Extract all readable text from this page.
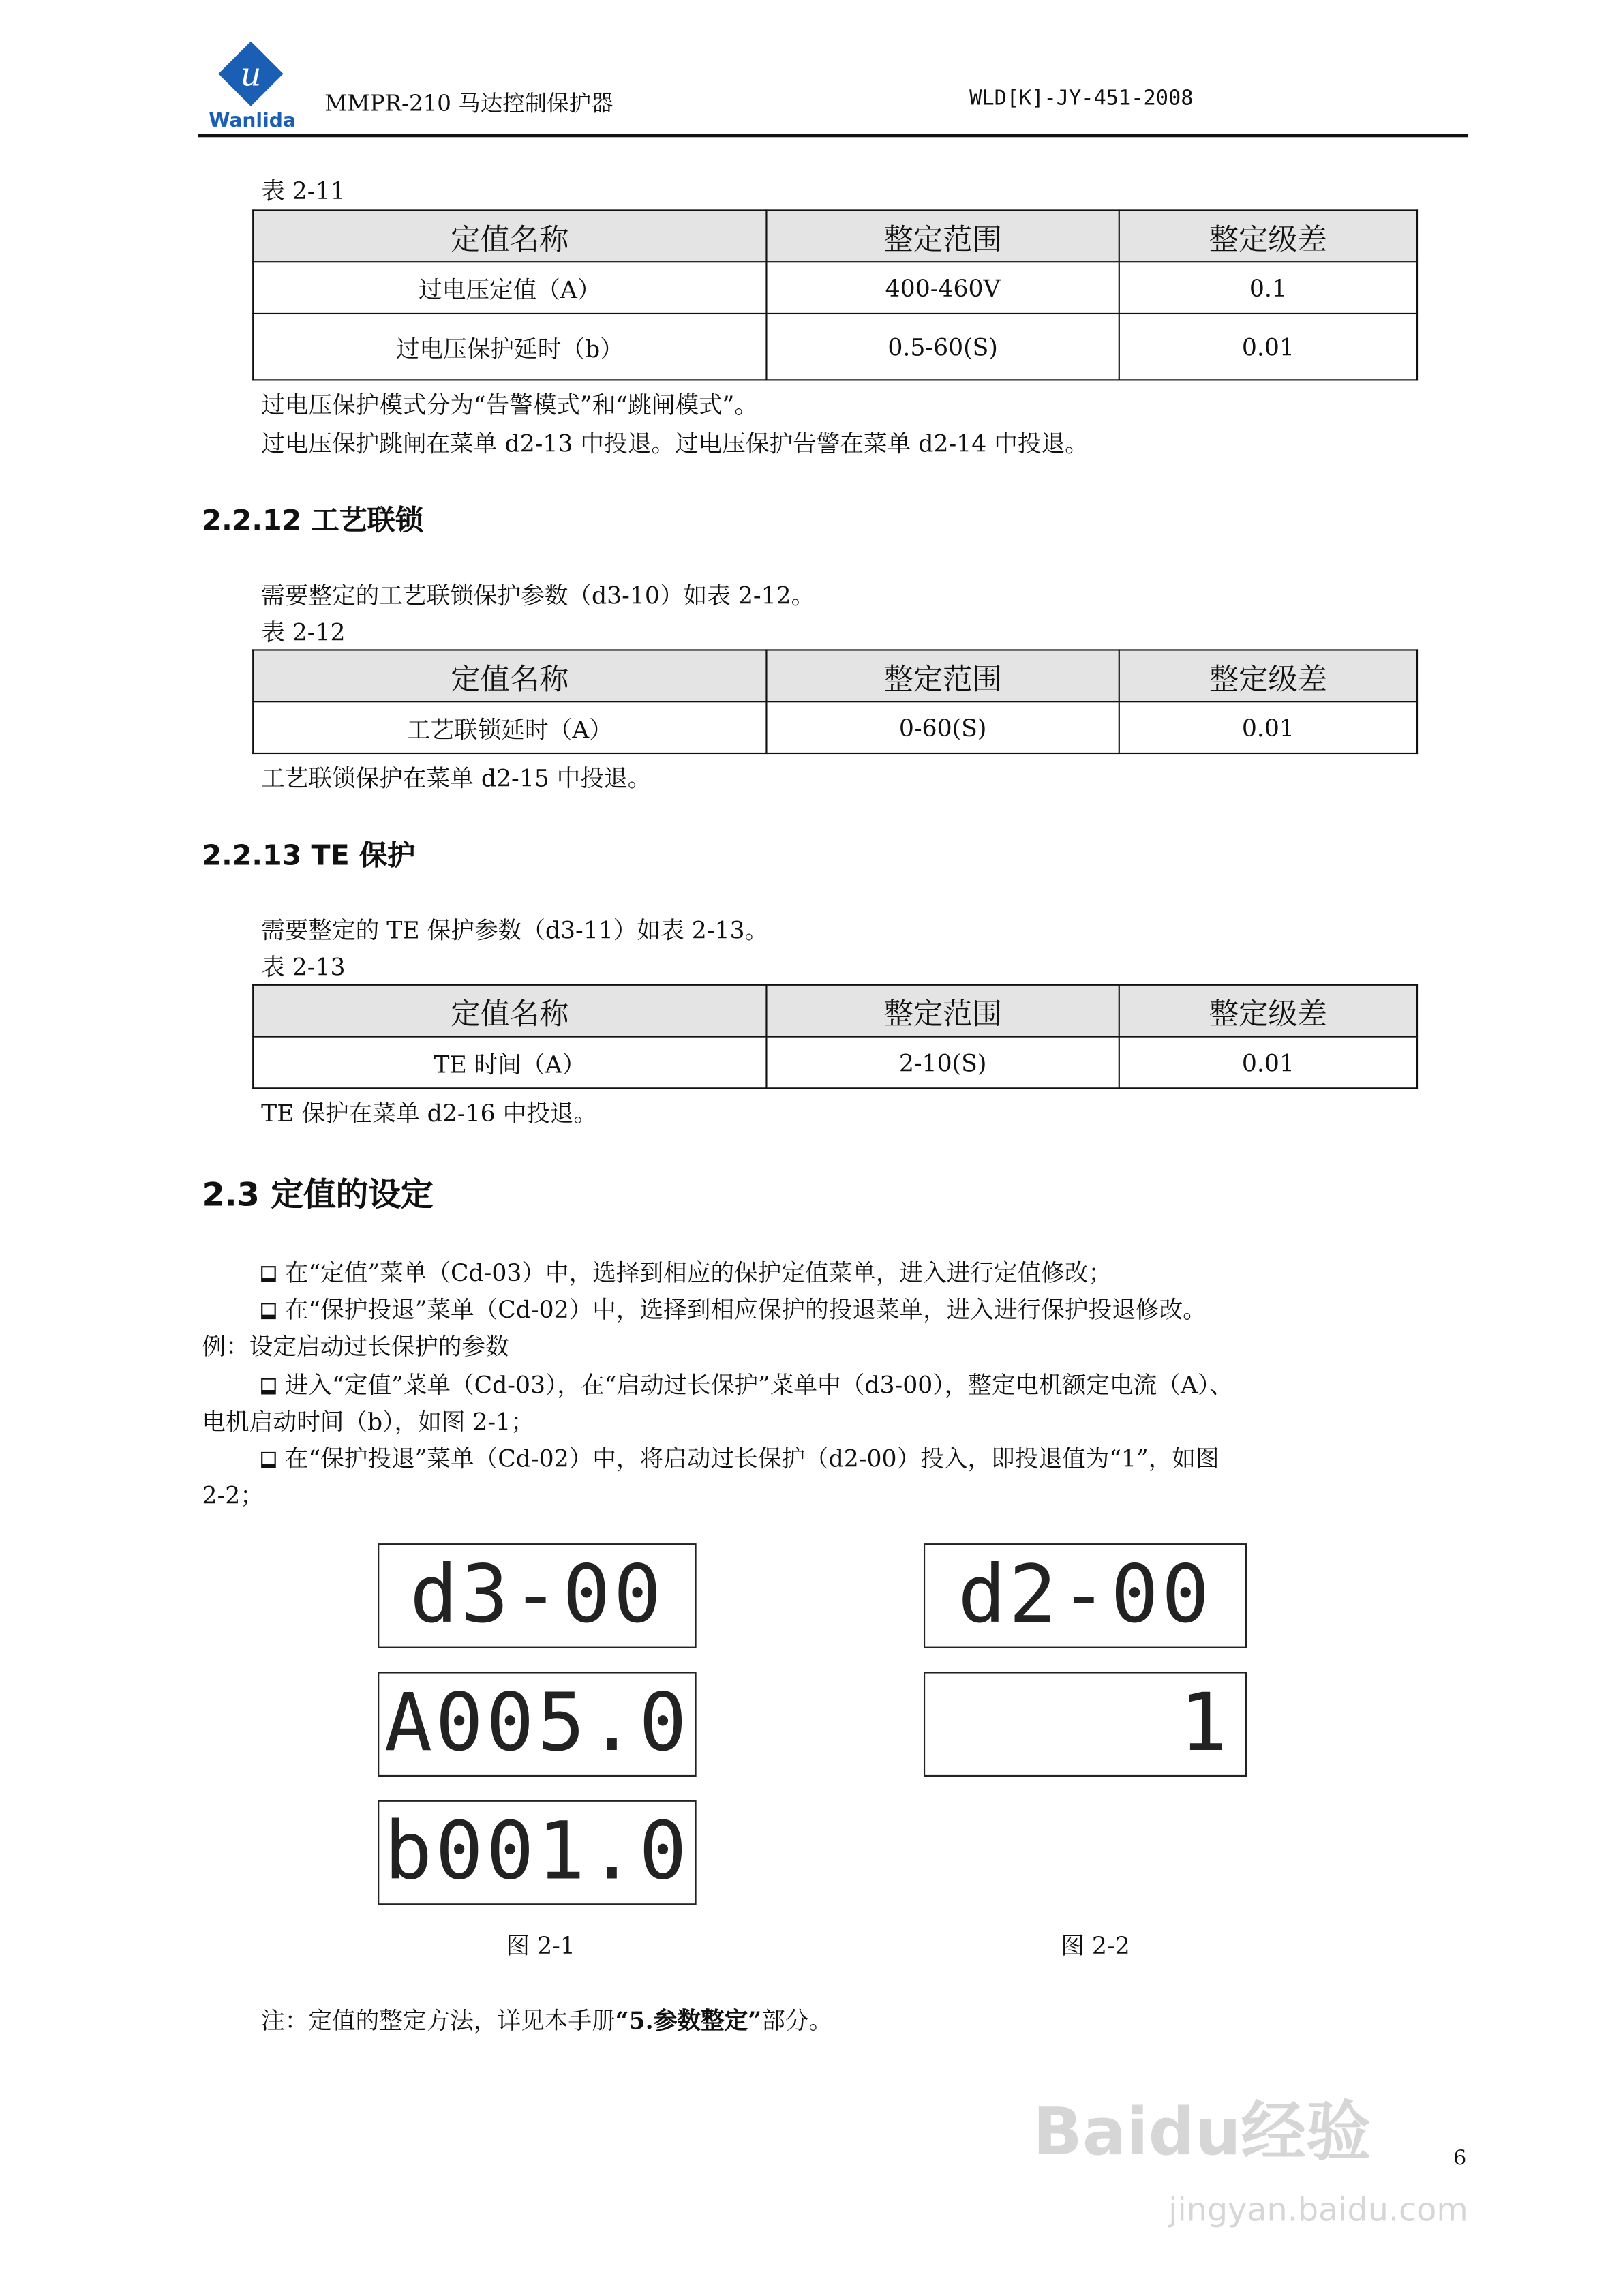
u
Wanlida
MMPR-210 马达控制保护器	WLD[K]-JY-451-2008
表 2-11
定值名称	整定范围	整定级差
过电压定值（A）	400-460V	0.1
过电压保护延时（b）	0.5-60(S)	0.01
过电压保护模式分为“告警模式”和“跳闸模式”。
过电压保护跳闸在菜单 d2-13 中投退。过电压保护告警在菜单 d2-14 中投退。
2.2.12 工艺联锁
需要整定的工艺联锁保护参数（d3-10）如表 2-12。
表 2-12
定值名称	整定范围	整定级差
工艺联锁延时（A）	0-60(S)	0.01
工艺联锁保护在菜单 d2-15 中投退。
2.2.13 TE 保护
需要整定的 TE 保护参数（d3-11）如表 2-13。
表 2-13
定值名称	整定范围	整定级差
TE 时间（A）	2-10(S)	0.01
TE 保护在菜单 d2-16 中投退。
2.3 定值的设定
在“定值”菜单（Cd-03）中，选择到相应的保护定值菜单，进入进行定值修改；
在“保护投退”菜单（Cd-02）中，选择到相应保护的投退菜单，进入进行保护投退修改。
例：设定启动过长保护的参数
进入“定值”菜单（Cd-03），在“启动过长保护”菜单中（d3-00），整定电机额定电流（A）、
电机启动时间（b），如图 2-1；
在“保护投退”菜单（Cd-02）中，将启动过长保护（d2-00）投入，即投退值为“1”，如图
2-2；
d3-00
A005.0
b001.0
图 2-1
d2-00
1
图 2-2
注：定值的整定方法，详见本手册“5.参数整定”部分。
6
Baidu经验
jingyan.baidu.com
